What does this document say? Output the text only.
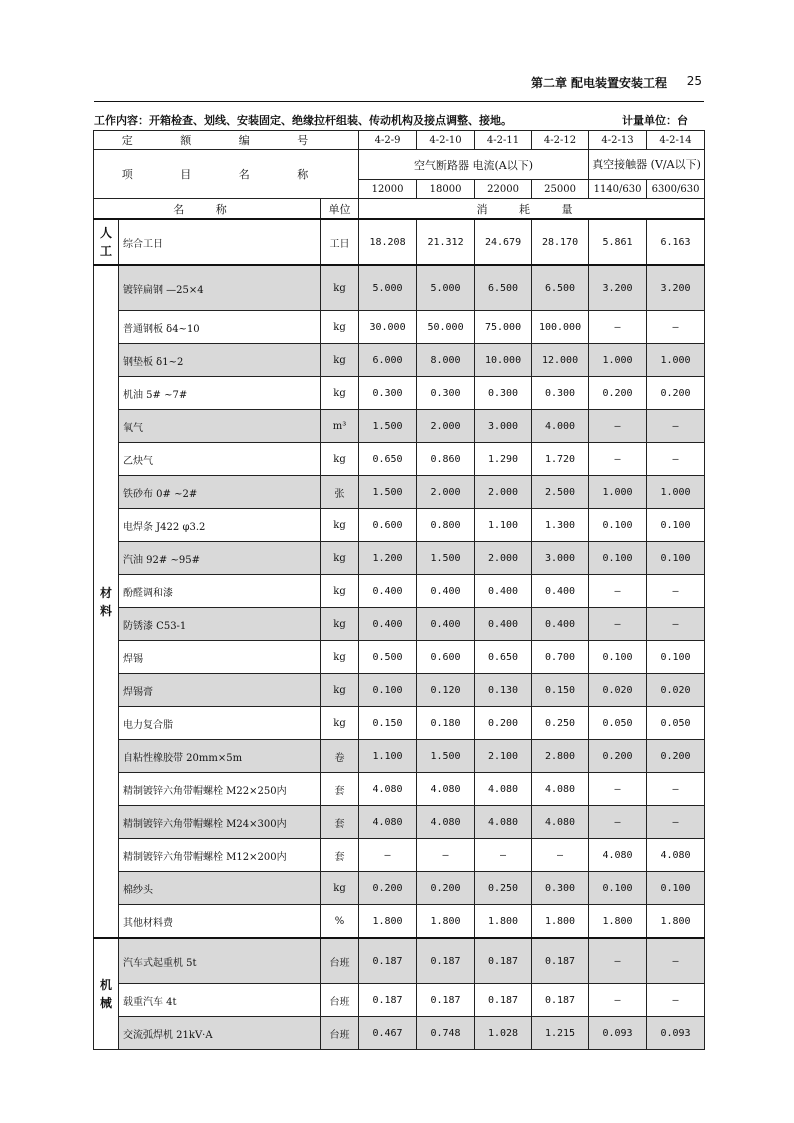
第二章 配电装置安装工程 25
工作内容：开箱检查、划线、安装固定、绝缘拉杆组装、传动机构及接点调整、接地。	计量单位：台
定 额 编 号			4-2-9	4-2-10	4-2-11	4-2-12	4-2-13	4-2-14
项 目 名 称			空气断路器 电流(A以下)				真空接触器 (V/A以下)	
			12000	18000	22000	25000	1140/630	6300/630
名 称		单位	消 耗 量					
人工	综合工日	工日	18.208	21.312	24.679	28.170	5.861	6.163
材料	镀锌扁钢 —25×4	kg	5.000	5.000	6.500	6.500	3.200	3.200
	普通钢板 δ4~10	kg	30.000	50.000	75.000	100.000	—	—
	钢垫板 δ1~2	kg	6.000	8.000	10.000	12.000	1.000	1.000
	机油 5# ~7#	kg	0.300	0.300	0.300	0.300	0.200	0.200
	氧气	m³	1.500	2.000	3.000	4.000	—	—
	乙炔气	kg	0.650	0.860	1.290	1.720	—	—
	铁砂布 0# ~2#	张	1.500	2.000	2.000	2.500	1.000	1.000
	电焊条 J422 φ3.2	kg	0.600	0.800	1.100	1.300	0.100	0.100
	汽油 92# ~95#	kg	1.200	1.500	2.000	3.000	0.100	0.100
	酚醛调和漆	kg	0.400	0.400	0.400	0.400	—	—
	防锈漆 C53-1	kg	0.400	0.400	0.400	0.400	—	—
	焊锡	kg	0.500	0.600	0.650	0.700	0.100	0.100
	焊锡膏	kg	0.100	0.120	0.130	0.150	0.020	0.020
	电力复合脂	kg	0.150	0.180	0.200	0.250	0.050	0.050
	自粘性橡胶带 20mm×5m	卷	1.100	1.500	2.100	2.800	0.200	0.200
	精制镀锌六角带帽螺栓 M22×250内	套	4.080	4.080	4.080	4.080	—	—
	精制镀锌六角带帽螺栓 M24×300内	套	4.080	4.080	4.080	4.080	—	—
	精制镀锌六角带帽螺栓 M12×200内	套	—	—	—	—	4.080	4.080
	棉纱头	kg	0.200	0.200	0.250	0.300	0.100	0.100
	其他材料费	%	1.800	1.800	1.800	1.800	1.800	1.800
机械	汽车式起重机 5t	台班	0.187	0.187	0.187	0.187	—	—
	载重汽车 4t	台班	0.187	0.187	0.187	0.187	—	—
	交流弧焊机 21kV·A	台班	0.467	0.748	1.028	1.215	0.093	0.093
